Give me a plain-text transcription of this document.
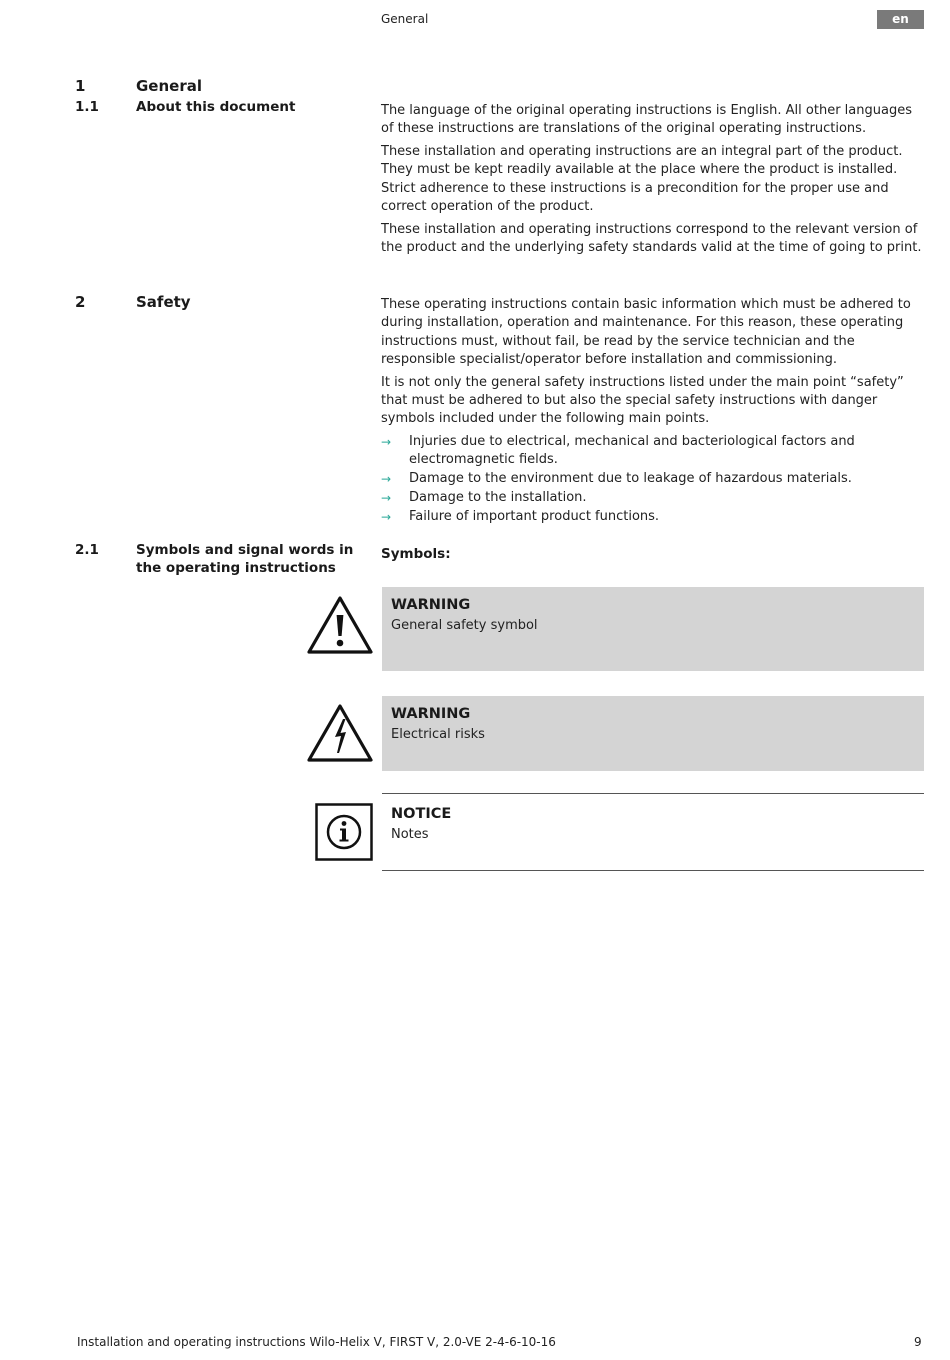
General	en
1	General
1.1	About this document	The language of the original operating instructions is English. All other languages of these instructions are translations of the original operating instructions.

These installation and operating instructions are an integral part of the product. They must be kept readily available at the place where the product is installed. Strict adherence to these instructions is a precondition for the proper use and correct operation of the product.

These installation and operating instructions correspond to the relevant version of the product and the underlying safety standards valid at the time of going to print.

2	Safety	These operating instructions contain basic information which must be adhered to during installation, operation and maintenance. For this reason, these operating instructions must, without fail, be read by the service technician and the responsible specialist/operator before installation and commissioning.

It is not only the general safety instructions listed under the main point “safety” that must be adhered to but also the special safety instructions with danger symbols included under the following main points.

→ Injuries due to electrical, mechanical and bacteriological factors and electromagnetic fields.
→ Damage to the environment due to leakage of hazardous materials.
→ Damage to the installation.
→ Failure of important product functions.
2.1	Symbols and signal words in the operating instructions
Symbols:
WARNING
General safety symbol
WARNING
Electrical risks
NOTICE
Notes
Installation and operating instructions Wilo-Helix V, FIRST V, 2.0-VE 2-4-6-10-16	9
